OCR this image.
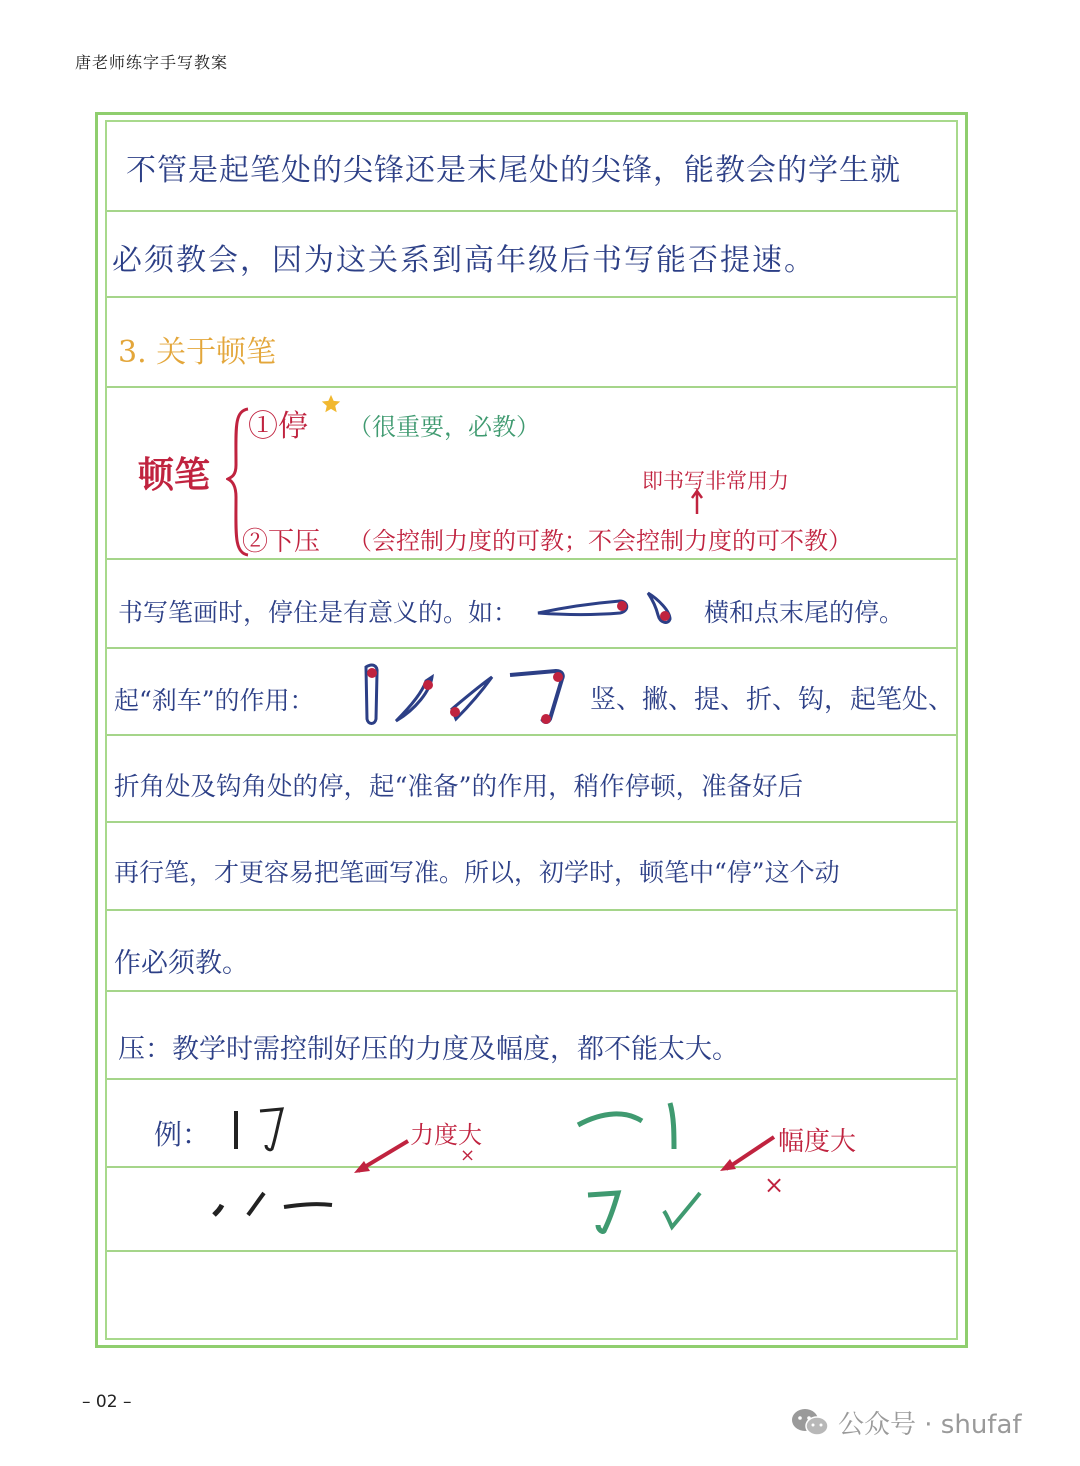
唐老师练字手写教案
不管是起笔处的尖锋还是末尾处的尖锋，能教会的学生就
必须教会，因为这关系到高年级后书写能否提速。
3. 关于顿笔
顿笔
①停 （很重要，必教）
即书写非常用力
②下压 （会控制力度的可教；不会控制力度的可不教）
书写笔画时，停住是有意义的。如：	横和点末尾的停。
起“刹车”的作用：	竖、撇、提、折、钩，起笔处、
折角处及钩角处的停，起“准备”的作用，稍作停顿，准备好后
再行笔，才更容易把笔画写准。所以，初学时，顿笔中“停”这个动
作必须教。
压：教学时需控制好压的力度及幅度，都不能太大。
例：	力度大
×	幅度大
×
– 02 –
公众号 · shufaf
